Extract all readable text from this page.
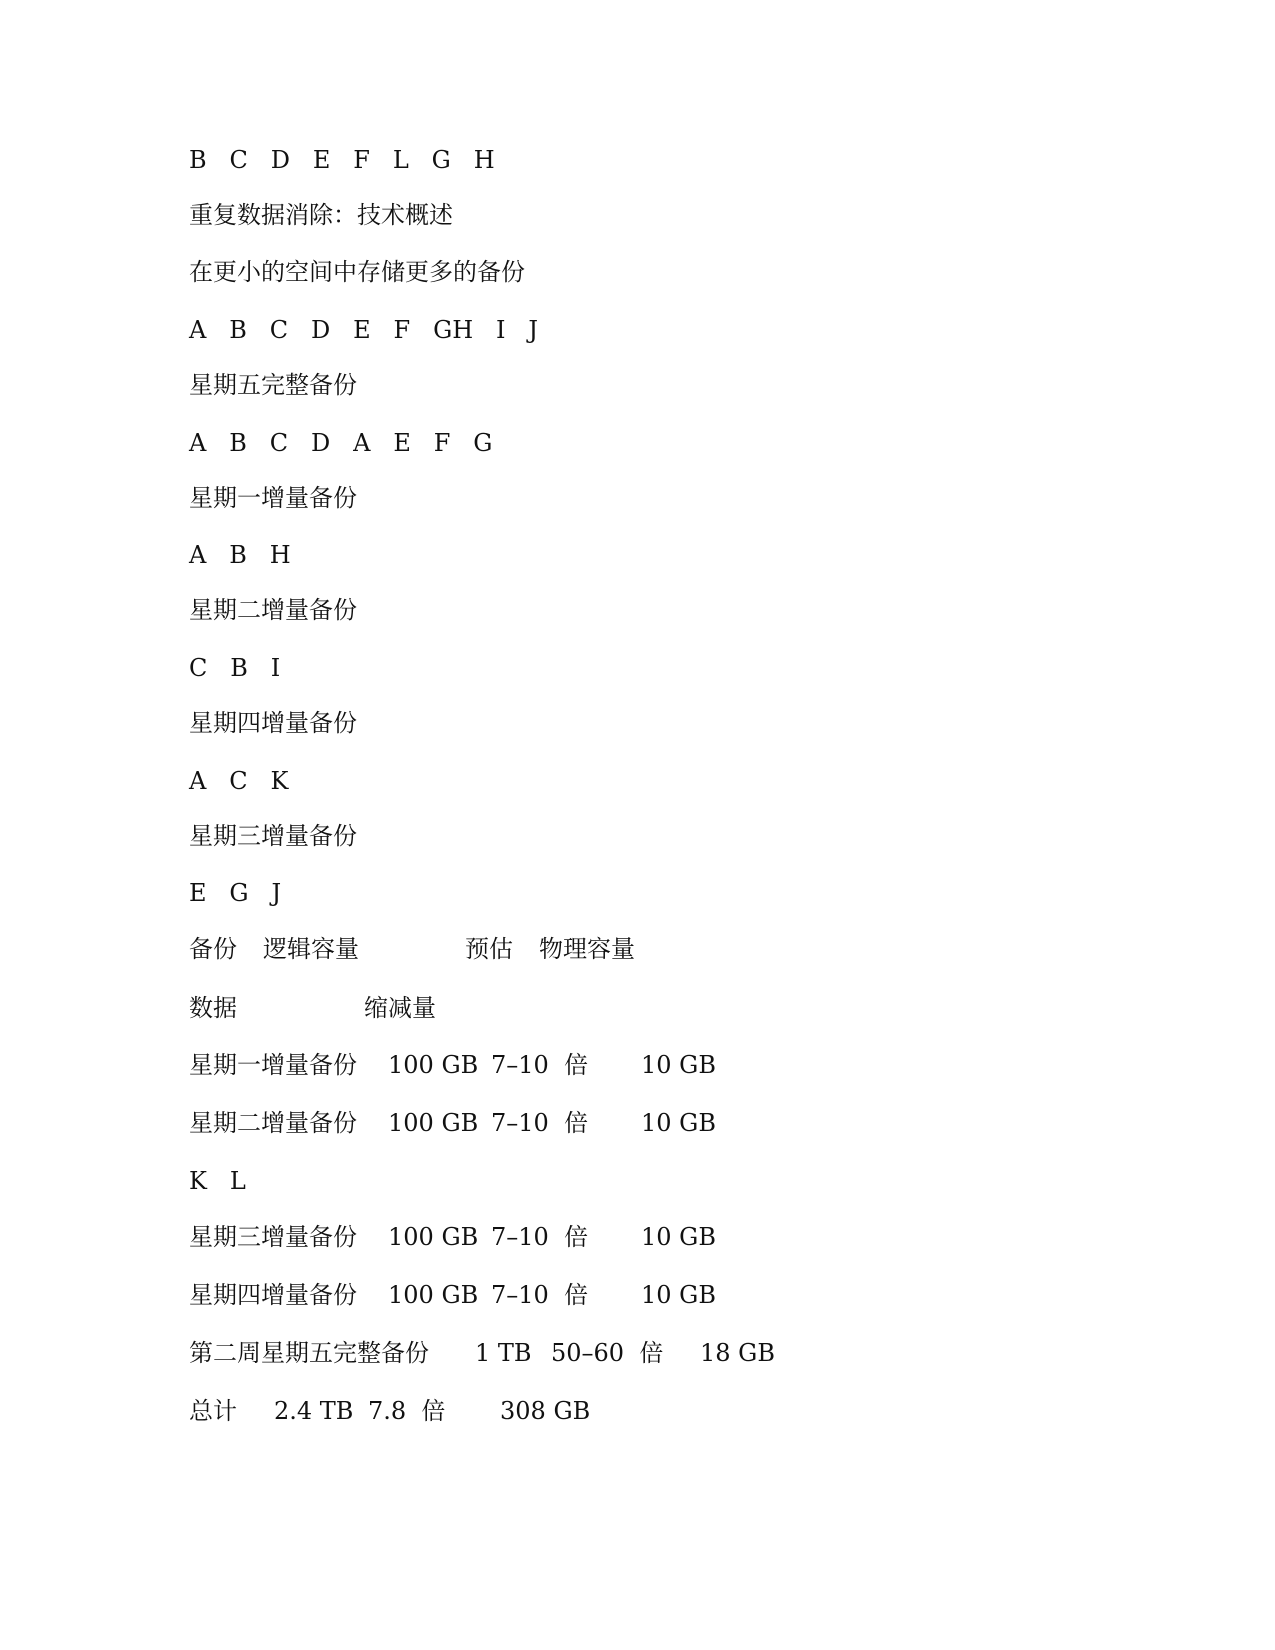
B   C   D   E   F   L   G   H

重复数据消除：技术概述

在更小的空间中存储更多的备份

A   B   C   D   E   F   GH   I   J

星期五完整备份

A   B   C   D   A   E   F   G

星期一增量备份

A   B   H

星期二增量备份

C   B   I

星期四增量备份

A   C   K

星期三增量备份

E   G   J

备份 逻辑容量	预估 物理容量
数据	缩减量
星期一增量备份 100 GB 7–10  倍 10 GB
星期二增量备份 100 GB 7–10  倍 10 GB

K   L

星期三增量备份 100 GB 7–10  倍 10 GB
星期四增量备份 100 GB 7–10  倍 10 GB
第二周星期五完整备份 1 TB 50–60  倍 18 GB
总计 2.4 TB 7.8  倍 308 GB
